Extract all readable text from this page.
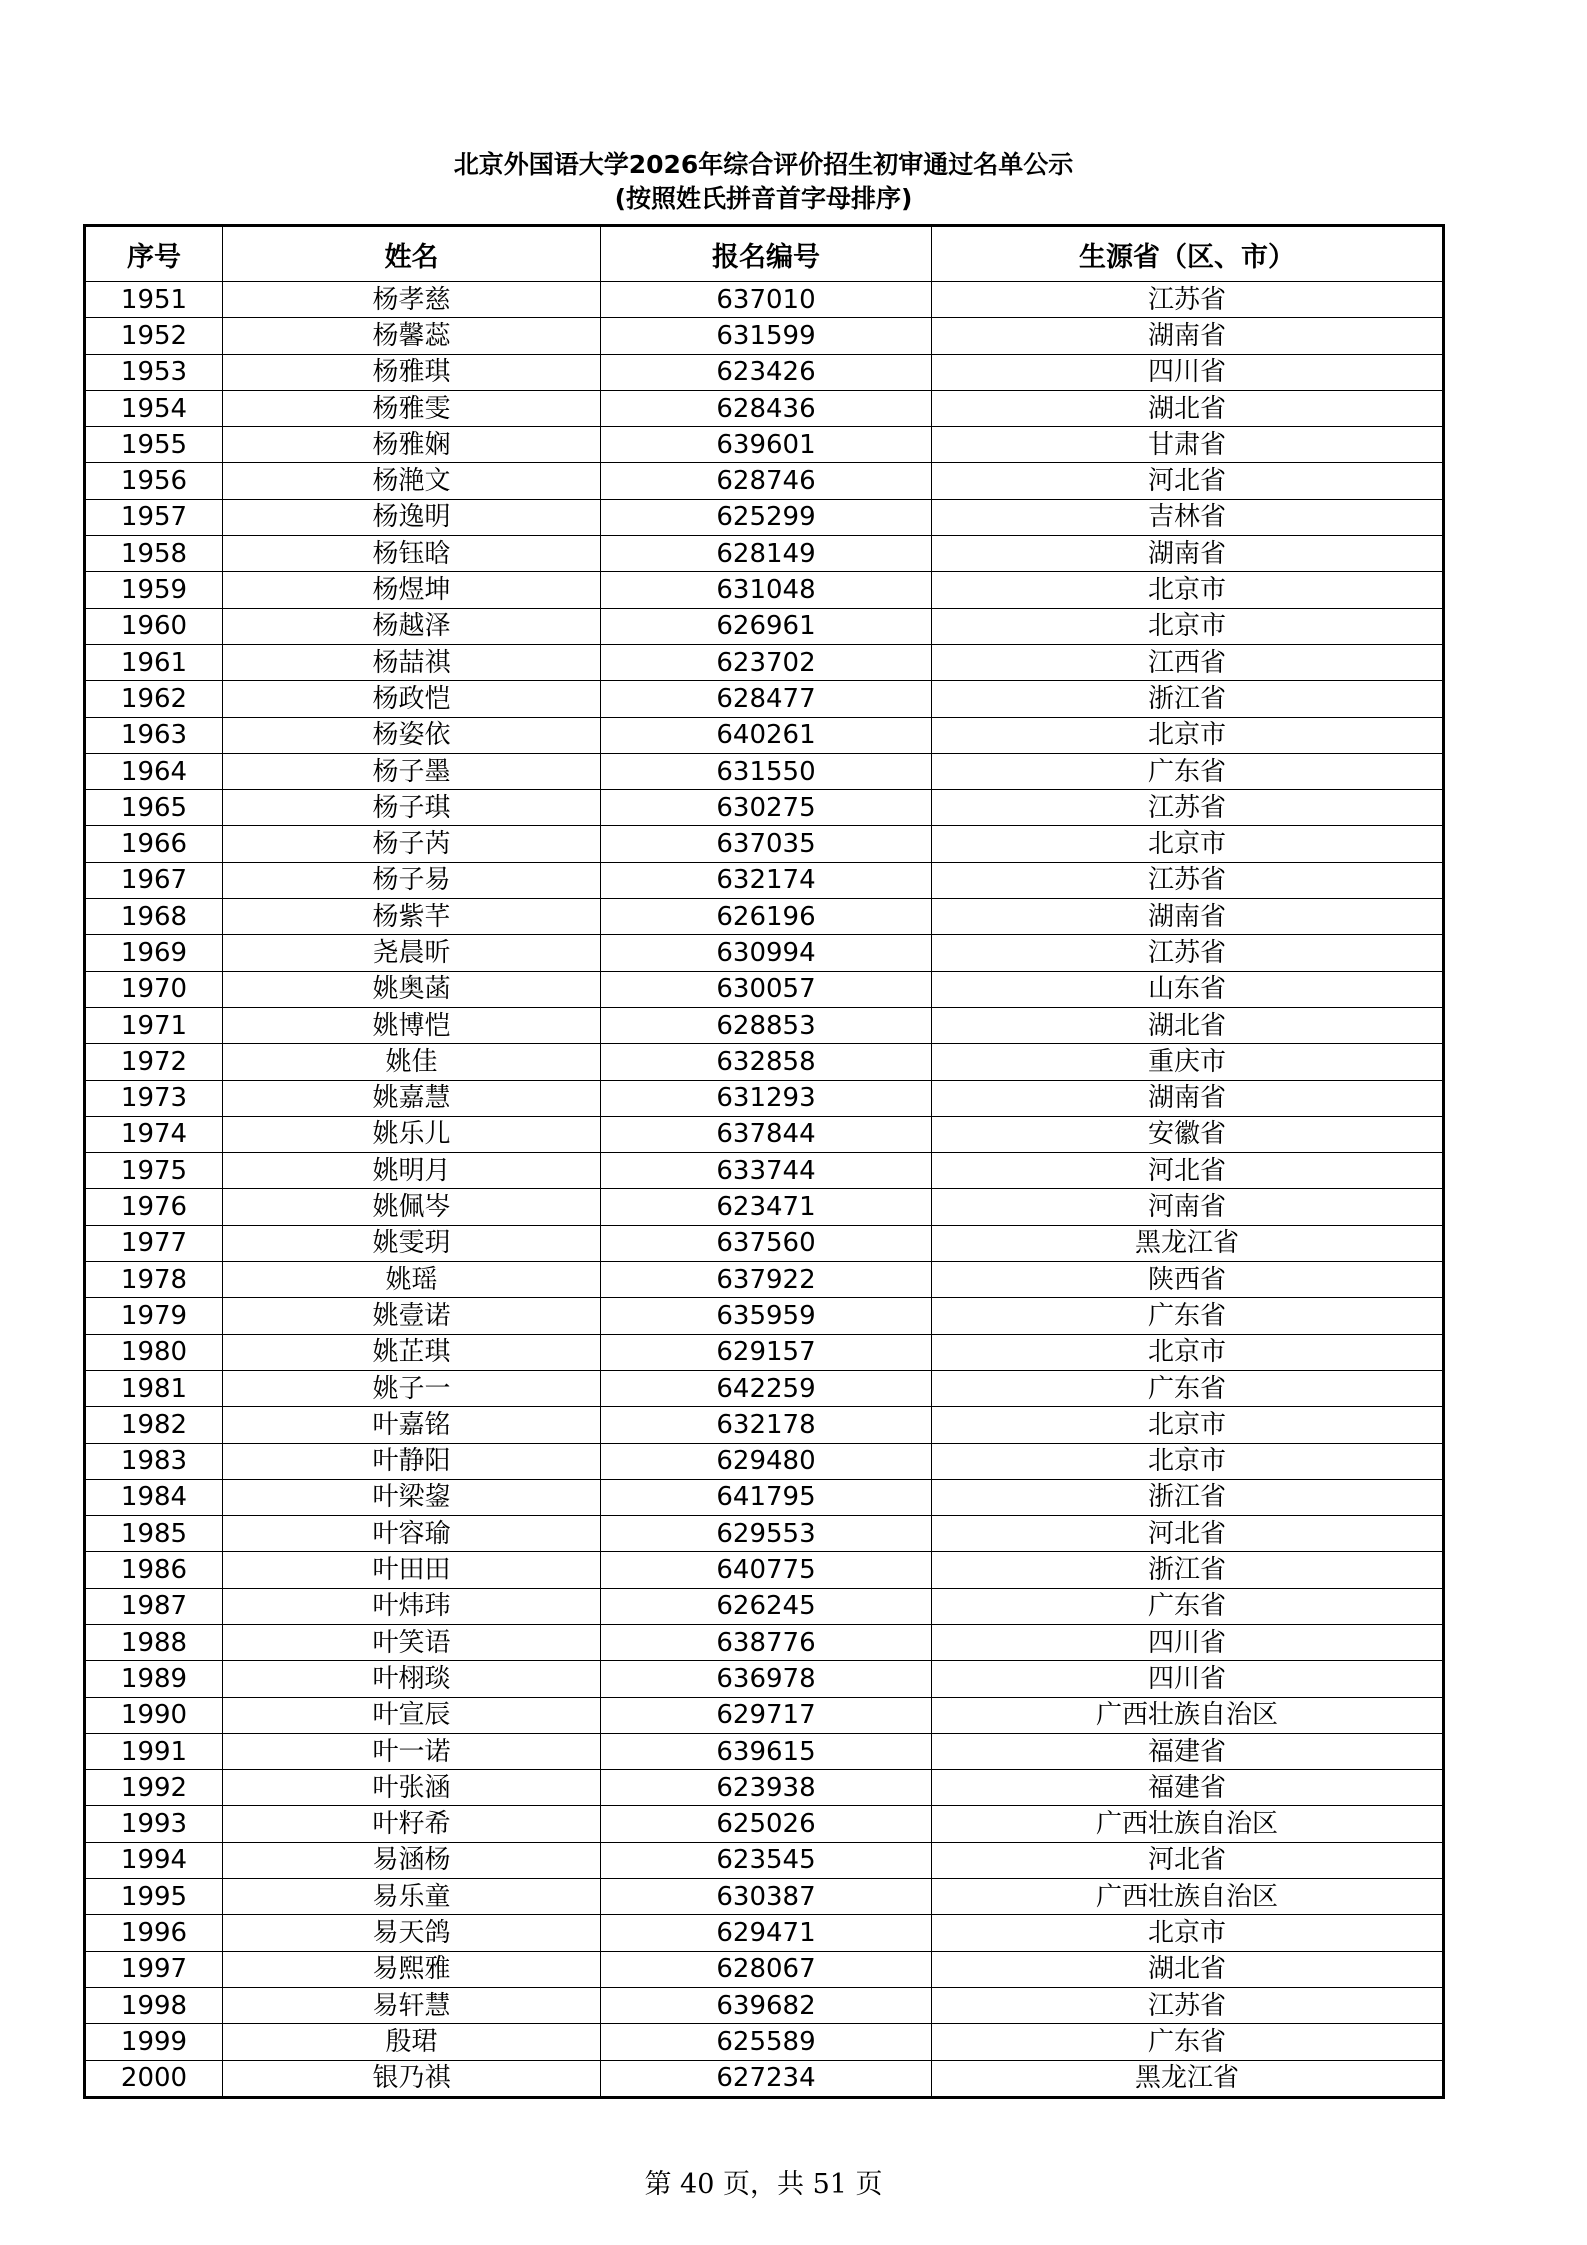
北京外国语大学2026年综合评价招生初审通过名单公示
(按照姓氏拼音首字母排序)
序号	姓名	报名编号	生源省（区、市）
1951	杨孝慈	637010	江苏省
1952	杨馨蕊	631599	湖南省
1953	杨雅琪	623426	四川省
1954	杨雅雯	628436	湖北省
1955	杨雅娴	639601	甘肃省
1956	杨滟文	628746	河北省
1957	杨逸明	625299	吉林省
1958	杨钰晗	628149	湖南省
1959	杨煜坤	631048	北京市
1960	杨越泽	626961	北京市
1961	杨喆祺	623702	江西省
1962	杨政恺	628477	浙江省
1963	杨姿依	640261	北京市
1964	杨子墨	631550	广东省
1965	杨子琪	630275	江苏省
1966	杨子芮	637035	北京市
1967	杨子易	632174	江苏省
1968	杨紫芊	626196	湖南省
1969	尧晨昕	630994	江苏省
1970	姚奥菡	630057	山东省
1971	姚博恺	628853	湖北省
1972	姚佳	632858	重庆市
1973	姚嘉慧	631293	湖南省
1974	姚乐儿	637844	安徽省
1975	姚明月	633744	河北省
1976	姚佩岑	623471	河南省
1977	姚雯玥	637560	黑龙江省
1978	姚瑶	637922	陕西省
1979	姚壹诺	635959	广东省
1980	姚芷琪	629157	北京市
1981	姚子一	642259	广东省
1982	叶嘉铭	632178	北京市
1983	叶静阳	629480	北京市
1984	叶梁鋆	641795	浙江省
1985	叶容瑜	629553	河北省
1986	叶田田	640775	浙江省
1987	叶炜玮	626245	广东省
1988	叶笑语	638776	四川省
1989	叶栩琰	636978	四川省
1990	叶宣辰	629717	广西壮族自治区
1991	叶一诺	639615	福建省
1992	叶张涵	623938	福建省
1993	叶籽希	625026	广西壮族自治区
1994	易涵杨	623545	河北省
1995	易乐童	630387	广西壮族自治区
1996	易天鸽	629471	北京市
1997	易熙雅	628067	湖北省
1998	易轩慧	639682	江苏省
1999	殷珺	625589	广东省
2000	银乃祺	627234	黑龙江省
第 40 页，共 51 页
